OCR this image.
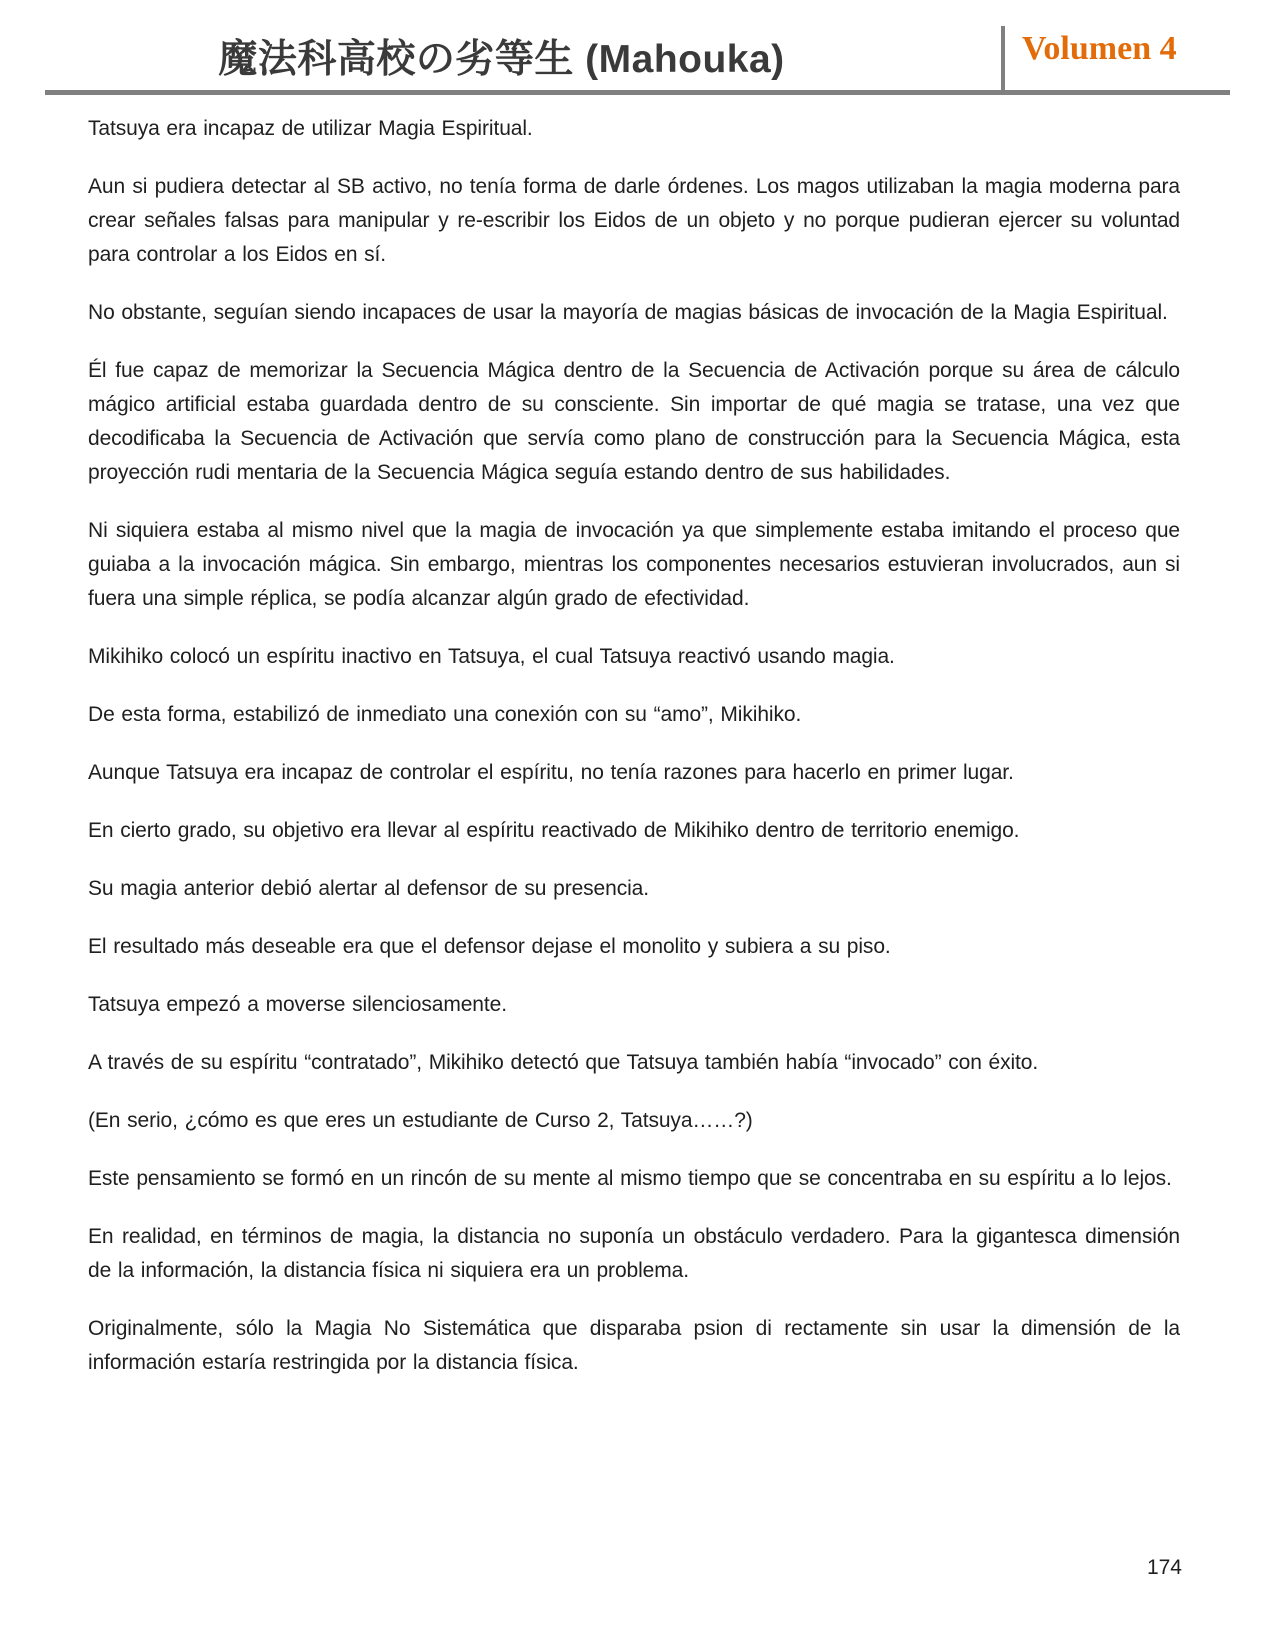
魔法科高校の劣等生 (Mahouka)	Volumen 4

Tatsuya era incapaz de utilizar Magia Espiritual.

Aun si pudiera detectar al SB activo, no tenía forma de darle órdenes. Los magos utilizaban la magia moderna para crear señales falsas para manipular y re-escribir los Eidos de un objeto y no porque pudieran ejercer su voluntad para controlar a los Eidos en sí.

No obstante, seguían siendo incapaces de usar la mayoría de magias básicas de invocación de la Magia Espiritual.

Él fue capaz de memorizar la Secuencia Mágica dentro de la Secuencia de Activación porque su área de cálculo mágico artificial estaba guardada dentro de su consciente. Sin importar de qué magia se tratase, una vez que decodificaba la Secuencia de Activación que servía como plano de construcción para la Secuencia Mágica, esta proyección rudi mentaria de la Secuencia Mágica seguía estando dentro de sus habilidades.

Ni siquiera estaba al mismo nivel que la magia de invocación ya que simplemente estaba imitando el proceso que guiaba a la invocación mágica. Sin embargo, mientras los componentes necesarios estuvieran involucrados, aun si fuera una simple réplica, se podía alcanzar algún grado de efectividad.

Mikihiko colocó un espíritu inactivo en Tatsuya, el cual Tatsuya reactivó usando magia.

De esta forma, estabilizó de inmediato una conexión con su “amo”, Mikihiko.

Aunque Tatsuya era incapaz de controlar el espíritu, no tenía razones para hacerlo en primer lugar.

En cierto grado, su objetivo era llevar al espíritu reactivado de Mikihiko dentro de territorio enemigo.

Su magia anterior debió alertar al defensor de su presencia.

El resultado más deseable era que el defensor dejase el monolito y subiera a su piso.

Tatsuya empezó a moverse silenciosamente.

A través de su espíritu “contratado”, Mikihiko detectó que Tatsuya también había “invocado” con éxito.

(En serio, ¿cómo es que eres un estudiante de Curso 2, Tatsuya……?)

Este pensamiento se formó en un rincón de su mente al mismo tiempo que se concentraba en su espíritu a lo lejos.

En realidad, en términos de magia, la distancia no suponía un obstáculo verdadero. Para la gigantesca dimensión de la información, la distancia física ni siquiera era un problema.

Originalmente, sólo la Magia No Sistemática que disparaba psion di rectamente sin usar la dimensión de la información estaría restringida por la distancia física.

174
